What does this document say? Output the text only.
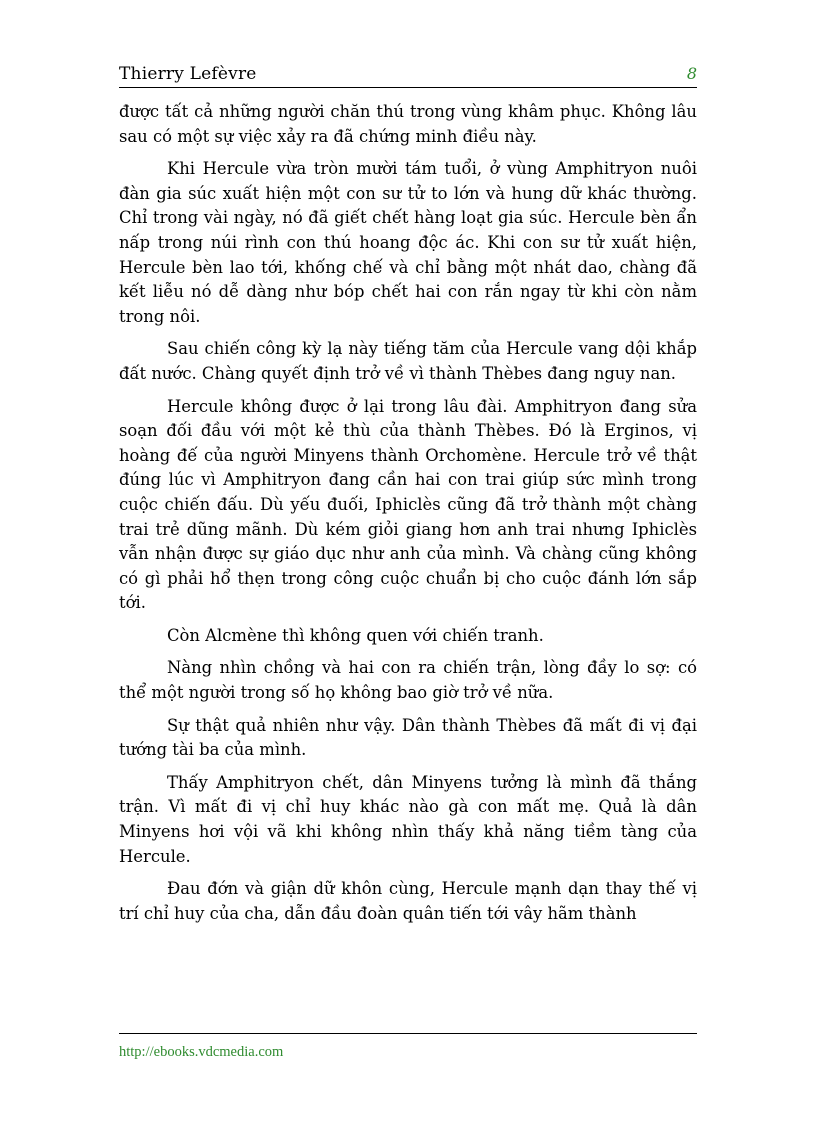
Thierry Lefèvre	8

được tất cả những người chăn thú trong vùng khâm phục. Không lâu sau có một sự việc xảy ra đã chứng minh điều này.

Khi Hercule vừa tròn mười tám tuổi, ở vùng Amphitryon nuôi đàn gia súc xuất hiện một con sư tử to lớn và hung dữ khác thường. Chỉ trong vài ngày, nó đã giết chết hàng loạt gia súc. Hercule bèn ẩn nấp trong núi rình con thú hoang độc ác. Khi con sư tử xuất hiện, Hercule bèn lao tới, khống chế và chỉ bằng một nhát dao, chàng đã kết liễu nó dễ dàng như bóp chết hai con rắn ngay từ khi còn nằm trong nôi.

Sau chiến công kỳ lạ này tiếng tăm của Hercule vang dội khắp đất nước. Chàng quyết định trở về vì thành Thèbes đang nguy nan.

Hercule không được ở lại trong lâu đài. Amphitryon đang sửa soạn đối đầu với một kẻ thù của thành Thèbes. Đó là Erginos, vị hoàng đế của người Minyens thành Orchomène. Hercule trở về thật đúng lúc vì Amphitryon đang cần hai con trai giúp sức mình trong cuộc chiến đấu. Dù yếu đuối, Iphiclès cũng đã trở thành một chàng trai trẻ dũng mãnh. Dù kém giỏi giang hơn anh trai nhưng Iphiclès vẫn nhận được sự giáo dục như anh của mình. Và chàng cũng không có gì phải hổ thẹn trong công cuộc chuẩn bị cho cuộc đánh lớn sắp tới.

Còn Alcmène thì không quen với chiến tranh.

Nàng nhìn chồng và hai con ra chiến trận, lòng đầy lo sợ: có thể một người trong số họ không bao giờ trở về nữa.

Sự thật quả nhiên như vậy. Dân thành Thèbes đã mất đi vị đại tướng tài ba của mình.

Thấy Amphitryon chết, dân Minyens tưởng là mình đã thắng trận. Vì mất đi vị chỉ huy khác nào gà con mất mẹ. Quả là dân Minyens hơi vội vã khi không nhìn thấy khả năng tiềm tàng của Hercule.

Đau đớn và giận dữ khôn cùng, Hercule mạnh dạn thay thế vị trí chỉ huy của cha, dẫn đầu đoàn quân tiến tới vây hãm thành

http://ebooks.vdcmedia.com
